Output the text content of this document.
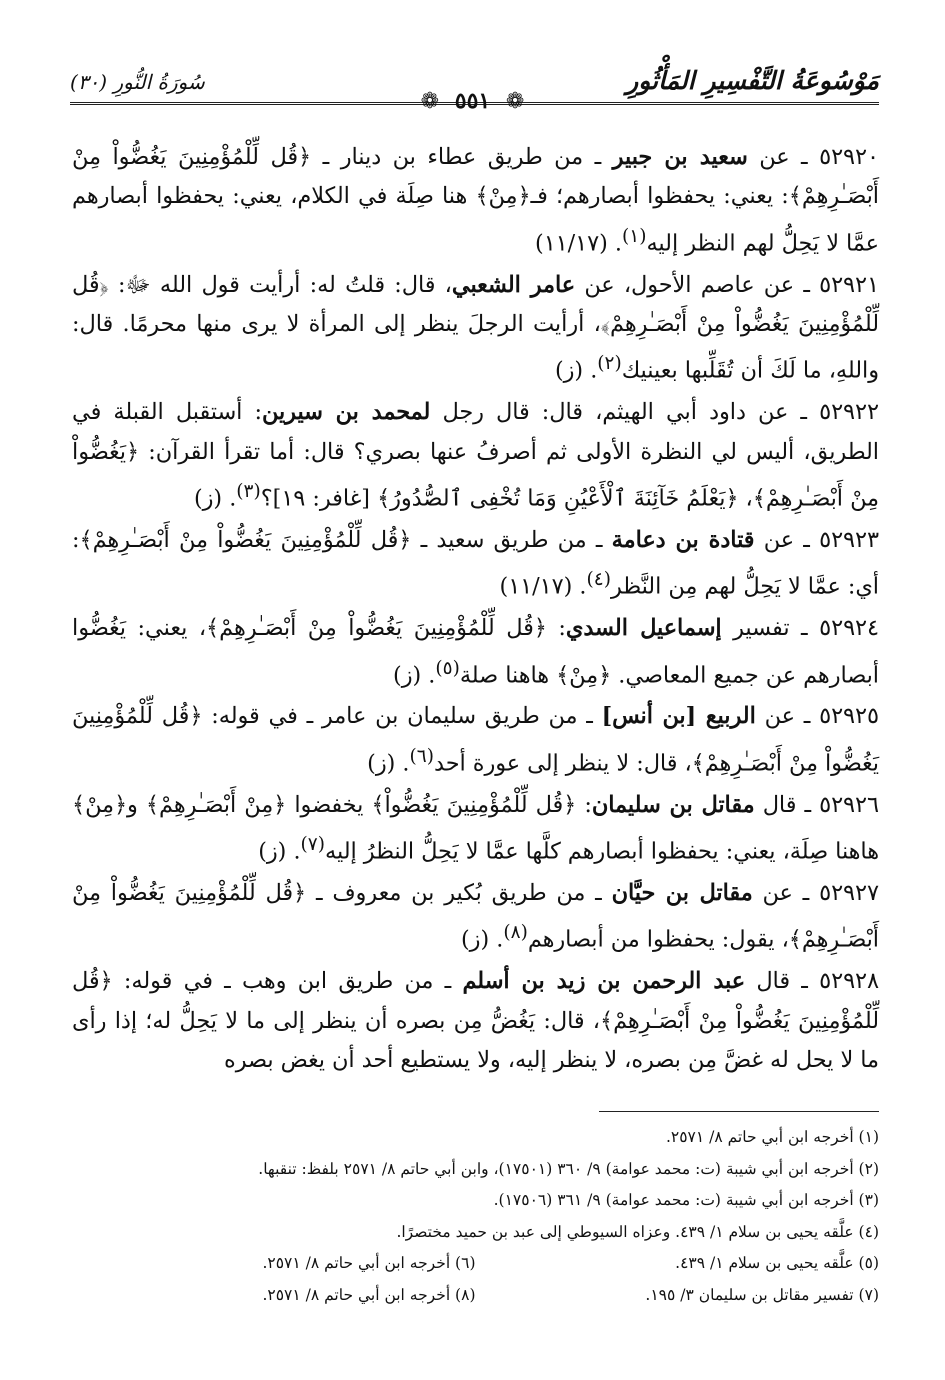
مَوْسُوعَةُ التَّفْسِيرِ المَأْثُورِ
سُورَةُ النُّورِ (٣٠)
❁ ٥٥١ ❁

٥٢٩٢٠ ـ عن سعيد بن جبير ـ من طريق عطاء بن دينار ـ ﴿قُل لِّلْمُؤْمِنِينَ يَغُضُّواْ مِنْ أَبْصَـٰرِهِمْ﴾: يعني: يحفظوا أبصارهم؛ فـ﴿مِنْ﴾ هنا صِلَة في الكلام، يعني: يحفظوا أبصارهم عمَّا لا يَحِلُّ لهم النظر إليه$^{(١)}$. (١١/١٧)

٥٢٩٢١ ـ عن عاصم الأحول، عن عامر الشعبي، قال: قلتُ له: أرأيت قول الله ﷻ: ﴿قُل لِّلْمُؤْمِنِينَ يَغُضُّواْ مِنْ أَبْصَـٰرِهِمْ﴾، أرأيت الرجلَ ينظر إلى المرأة لا يرى منها محرمًا. قال: واللهِ، ما لَكَ أن تُقَلِّبها بعينيك$^{(٢)}$. (ز)

٥٢٩٢٢ ـ عن داود أبي الهيثم، قال: قال رجل لمحمد بن سيرين: أستقبل القبلة في الطريق، أليس لي النظرة الأولى ثم أصرفُ عنها بصري؟ قال: أما تقرأ القرآن: ﴿يَغُضُّواْ مِنْ أَبْصَـٰرِهِمْ﴾، ﴿يَعْلَمُ خَآئِنَةَ ٱلْأَعْيُنِ وَمَا تُخْفِى ٱلصُّدُورُ﴾ [غافر: ١٩]؟$^{(٣)}$. (ز)

٥٢٩٢٣ ـ عن قتادة بن دعامة ـ من طريق سعيد ـ ﴿قُل لِّلْمُؤْمِنِينَ يَغُضُّواْ مِنْ أَبْصَـٰرِهِمْ﴾: أي: عمَّا لا يَحِلُّ لهم مِن النَّظر$^{(٤)}$. (١١/١٧)

٥٢٩٢٤ ـ تفسير إسماعيل السدي: ﴿قُل لِّلْمُؤْمِنِينَ يَغُضُّواْ مِنْ أَبْصَـٰرِهِمْ﴾، يعني: يَغُضُّوا أبصارهم عن جميع المعاصي. ﴿مِنْ﴾ هاهنا صلة$^{(٥)}$. (ز)

٥٢٩٢٥ ـ عن الربيع [بن أنس] ـ من طريق سليمان بن عامر ـ في قوله: ﴿قُل لِّلْمُؤْمِنِينَ يَغُضُّواْ مِنْ أَبْصَـٰرِهِمْ﴾، قال: لا ينظر إلى عورة أحد$^{(٦)}$. (ز)

٥٢٩٢٦ ـ قال مقاتل بن سليمان: ﴿قُل لِّلْمُؤْمِنِينَ يَغُضُّواْ﴾ يخفضوا ﴿مِنْ أَبْصَـٰرِهِمْ﴾ و﴿مِنْ﴾ هاهنا صِلَة، يعني: يحفظوا أبصارهم كلَّها عمَّا لا يَحِلُّ النظرُ إليه$^{(٧)}$. (ز)

٥٢٩٢٧ ـ عن مقاتل بن حيَّان ـ من طريق بُكير بن معروف ـ ﴿قُل لِّلْمُؤْمِنِينَ يَغُضُّواْ مِنْ أَبْصَـٰرِهِمْ﴾، يقول: يحفظوا من أبصارهم$^{(٨)}$. (ز)

٥٢٩٢٨ ـ قال عبد الرحمن بن زيد بن أسلم ـ من طريق ابن وهب ـ في قوله: ﴿قُل لِّلْمُؤْمِنِينَ يَغُضُّواْ مِنْ أَبْصَـٰرِهِمْ﴾، قال: يَغُضُّ مِن بصره أن ينظر إلى ما لا يَحِلُّ له؛ إذا رأى ما لا يحل له غضَّ مِن بصره، لا ينظر إليه، ولا يستطيع أحد أن يغض بصره

(١) أخرجه ابن أبي حاتم ٨/ ٢٥٧١.
(٢) أخرجه ابن أبي شيبة (ت: محمد عوامة) ٩/ ٣٦٠ (١٧٥٠١)، وابن أبي حاتم ٨/ ٢٥٧١ بلفظ: تنقبها.
(٣) أخرجه ابن أبي شيبة (ت: محمد عوامة) ٩/ ٣٦١ (١٧٥٠٦).
(٤) علَّقه يحيى بن سلام ١/ ٤٣٩. وعزاه السيوطي إلى عبد بن حميد مختصرًا.
(٥) علَّقه يحيى بن سلام ١/ ٤٣٩.
(٦) أخرجه ابن أبي حاتم ٨/ ٢٥٧١.
(٧) تفسير مقاتل بن سليمان ٣/ ١٩٥.
(٨) أخرجه ابن أبي حاتم ٨/ ٢٥٧١.
